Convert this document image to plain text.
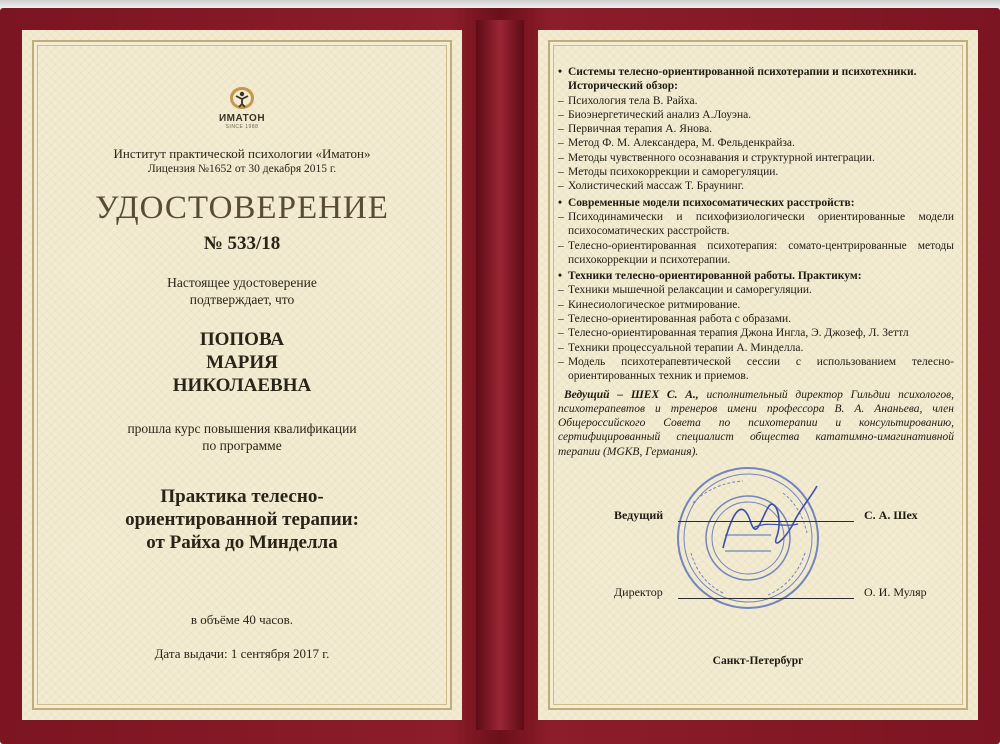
ИМАТОН
SINCE 1988
Институт практической психологии «Иматон»
Лицензия №1652 от 30 декабря 2015 г.
УДОСТОВЕРЕНИЕ
№ 533/18
Настоящее удостоверение
подтверждает, что
ПОПОВА
МАРИЯ
НИКОЛАЕВНА
прошла курс повышения квалификации
по программе
Практика телесно-
ориентированной терапии:
от Райха до Минделла
в объёме 40 часов.
Дата выдачи: 1 сентября 2017 г.
• Системы телесно-ориентированной психотерапии и психотехники. Исторический обзор:
– Психология тела В. Райха.
– Биоэнергетический анализ А.Лоуэна.
– Первичная терапия А. Янова.
– Метод Ф. М. Александера, М. Фельденкрайза.
– Методы чувственного осознавания и структурной интеграции.
– Методы психокоррекции и саморегуляции.
– Холистический массаж Т. Браунинг.
• Современные модели психосоматических расстройств:
– Психодинамически и психофизиологически ориентированные модели психосоматических расстройств.
– Телесно-ориентированная психотерапия: сомато-центрированные методы психокоррекции и психотерапии.
• Техники телесно-ориентированной работы. Практикум:
– Техники мышечной релаксации и саморегуляции.
– Кинесиологическое ритмирование.
– Телесно-ориентированная работа с образами.
– Телесно-ориентированная терапия Джона Ингла, Э. Джозеф, Л. Зеттл
– Техники процессуальной терапии А. Минделла.
– Модель психотерапевтической сессии с использованием телесно-ориентированных техник и приемов.
Ведущий – ШЕХ С. А., исполнительный директор Гильдии психологов, психотерапевтов и тренеров имени профессора В. А. Ананьева, член Общероссийского Совета по психотерапии и консультированию, сертифицированный специалист общества кататимно-имагинативной терапии (MGKB, Германия).
Ведущий	С. А. Шех
Директор	О. И. Муляр
Санкт-Петербург
